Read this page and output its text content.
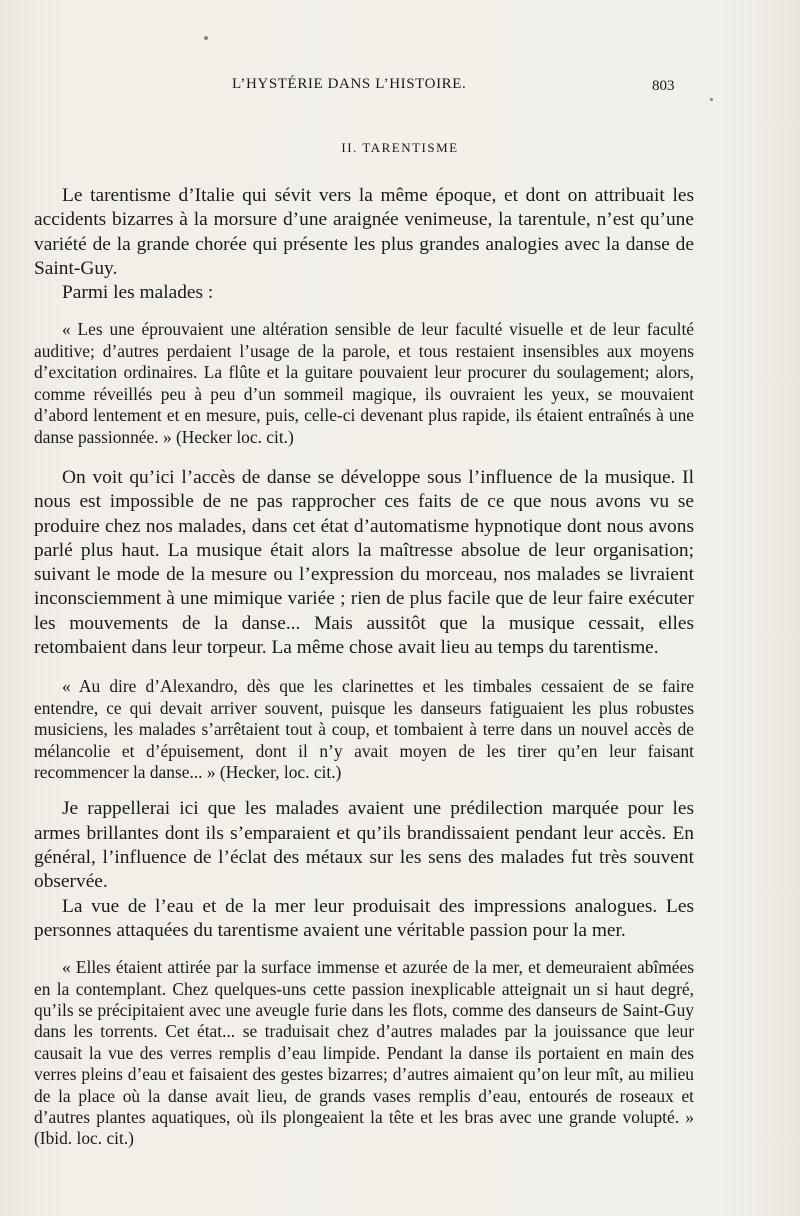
L’HYSTÉRIE DANS L’HISTOIRE.	803
II. TARENTISME

Le tarentisme d’Italie qui sévit vers la même époque, et dont on attribuait les accidents bizarres à la morsure d’une araignée venimeuse, la tarentule, n’est qu’une variété de la grande chorée qui présente les plus grandes analogies avec la danse de Saint-Guy.

Parmi les malades :

« Les une éprouvaient une altération sensible de leur faculté visuelle et de leur faculté auditive; d’autres perdaient l’usage de la parole, et tous restaient insensibles aux moyens d’excitation ordinaires. La flûte et la guitare pouvaient leur procurer du soulagement; alors, comme réveillés peu à peu d’un sommeil magique, ils ouvraient les yeux, se mouvaient d’abord lentement et en mesure, puis, celle-ci devenant plus rapide, ils étaient entraînés à une danse passionnée. » (Hecker loc. cit.)

On voit qu’ici l’accès de danse se développe sous l’influence de la musique. Il nous est impossible de ne pas rapprocher ces faits de ce que nous avons vu se produire chez nos malades, dans cet état d’automatisme hypnotique dont nous avons parlé plus haut. La musique était alors la maîtresse absolue de leur organisation; suivant le mode de la mesure ou l’expression du morceau, nos malades se livraient inconsciemment à une mimique variée ; rien de plus facile que de leur faire exécuter les mouvements de la danse... Mais aussitôt que la musique cessait, elles retombaient dans leur torpeur. La même chose avait lieu au temps du tarentisme.

« Au dire d’Alexandro, dès que les clarinettes et les timbales cessaient de se faire entendre, ce qui devait arriver souvent, puisque les danseurs fatiguaient les plus robustes musiciens, les malades s’arrêtaient tout à coup, et tombaient à terre dans un nouvel accès de mélancolie et d’épuisement, dont il n’y avait moyen de les tirer qu’en leur faisant recommencer la danse... » (Hecker, loc. cit.)

Je rappellerai ici que les malades avaient une prédilection marquée pour les armes brillantes dont ils s’emparaient et qu’ils brandissaient pendant leur accès. En général, l’influence de l’éclat des métaux sur les sens des malades fut très souvent observée.

La vue de l’eau et de la mer leur produisait des impressions analogues. Les personnes attaquées du tarentisme avaient une véritable passion pour la mer.

« Elles étaient attirée par la surface immense et azurée de la mer, et demeuraient abîmées en la contemplant. Chez quelques-uns cette passion inexplicable atteignait un si haut degré, qu’ils se précipitaient avec une aveugle furie dans les flots, comme des danseurs de Saint-Guy dans les torrents. Cet état... se traduisait chez d’autres malades par la jouissance que leur causait la vue des verres remplis d’eau limpide. Pendant la danse ils portaient en main des verres pleins d’eau et faisaient des gestes bizarres; d’autres aimaient qu’on leur mît, au milieu de la place où la danse avait lieu, de grands vases remplis d’eau, entourés de roseaux et d’autres plantes aquatiques, où ils plongeaient la tête et les bras avec une grande volupté. » (Ibid. loc. cit.)
